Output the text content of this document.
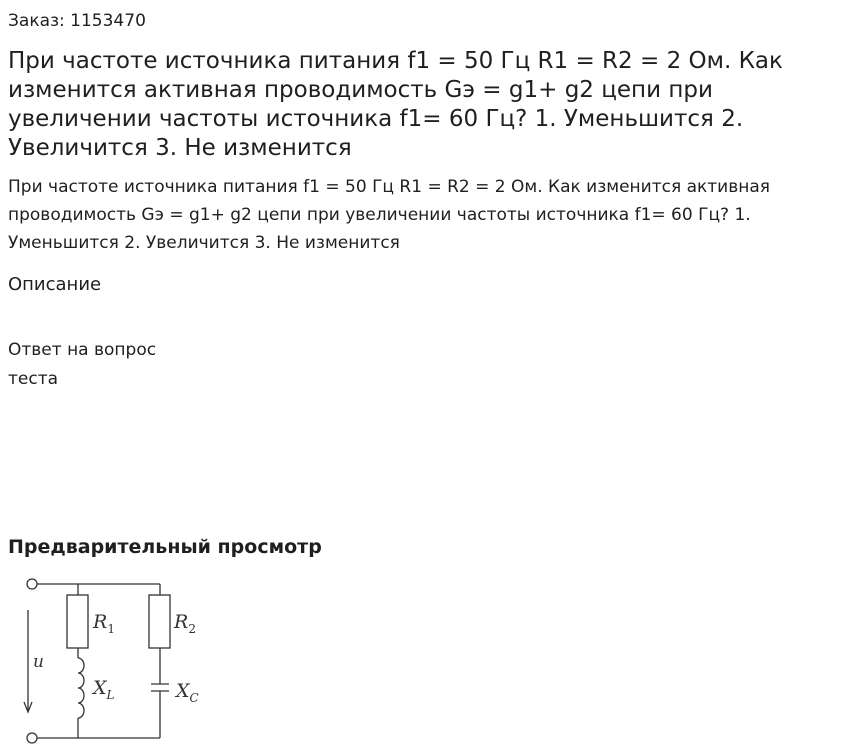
Заказ: 1153470
При частоте источника питания f1 = 50 Гц R1 = R2 = 2 Ом. Как изменится активная проводимость Gэ = g1+ g2 цепи при увеличении частоты источника f1= 60 Гц? 1. Уменьшится 2. Увеличится 3. Не изменится

При частоте источника питания f1 = 50 Гц R1 = R2 = 2 Ом. Как изменится активная проводимость Gэ = g1+ g2 цепи при увеличении частоты источника f1= 60 Гц? 1. Уменьшится 2. Увеличится 3. Не изменится

Описание
Ответ на вопрос теста
Предварительный просмотр
u
$R_1$	$R_2$
$X_L$	$X_C$
